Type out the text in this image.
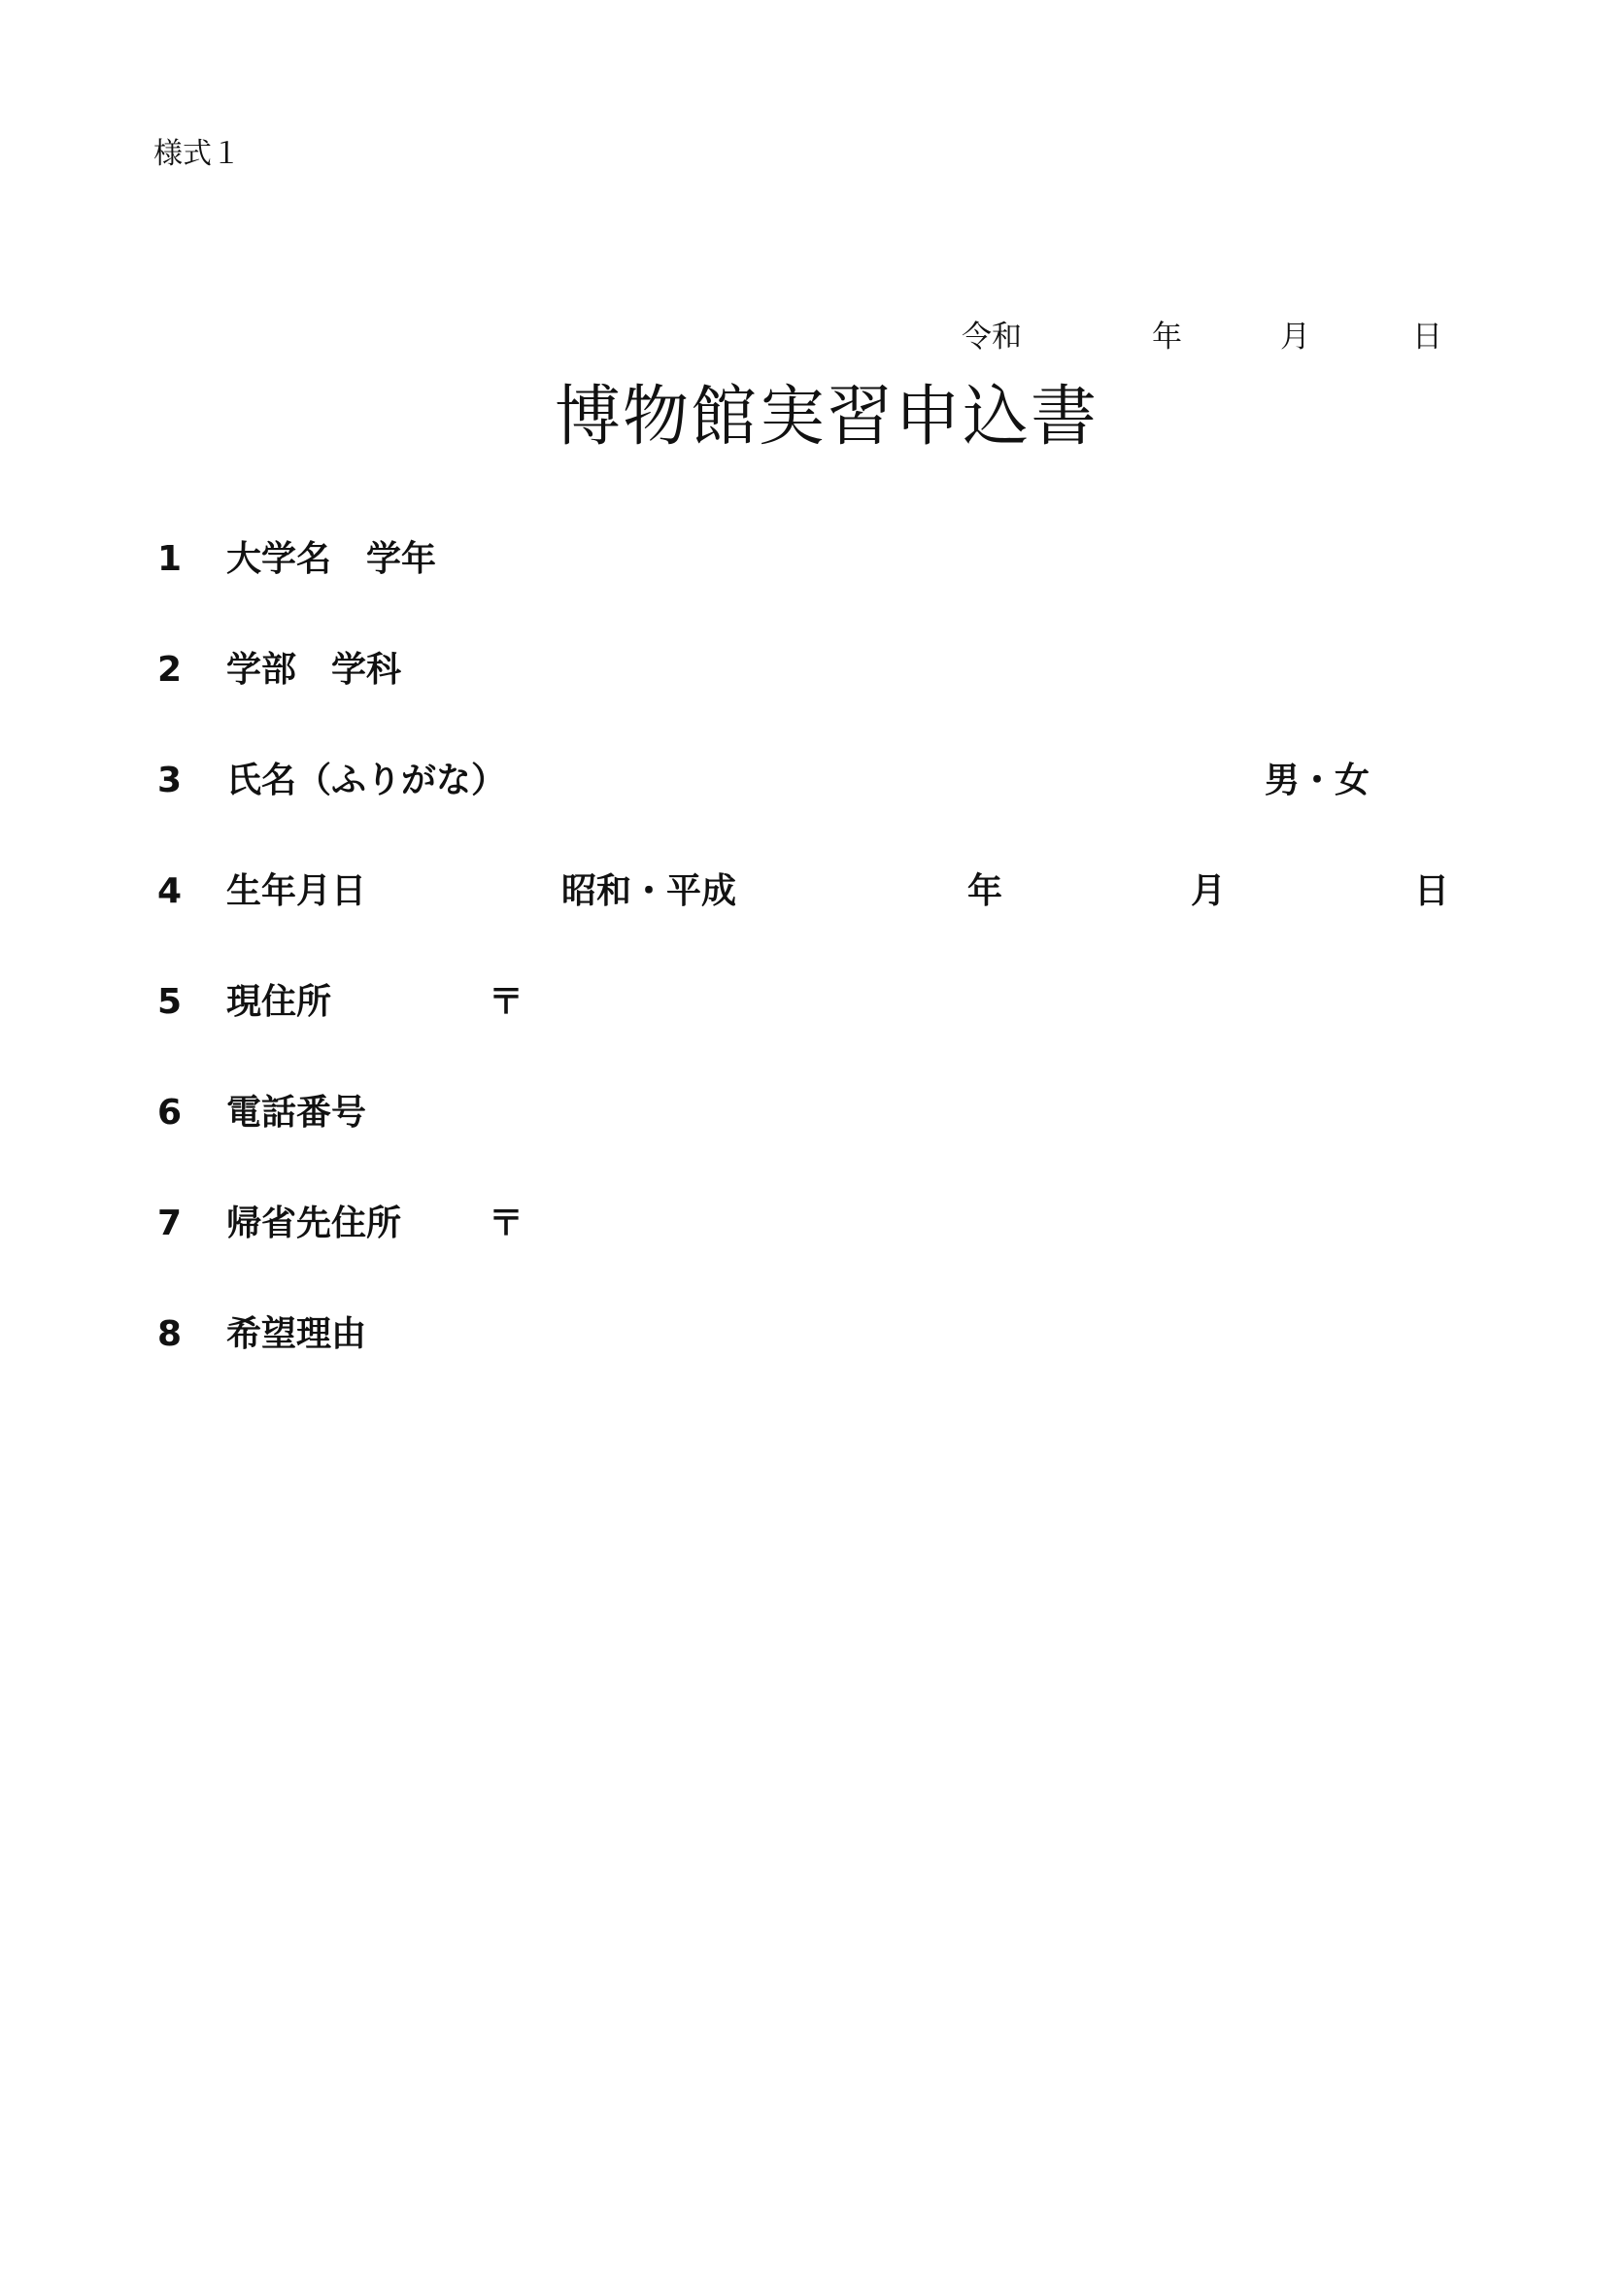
様式１
令和	年	月	日
博物館実習申込書
1	大学名　学年
2	学部　学科
3	氏名（ふりがな）	男・女
4	生年月日	昭和・平成	年	月	日
5	現住所	〒
6	電話番号
7	帰省先住所 〒
8	希望理由
